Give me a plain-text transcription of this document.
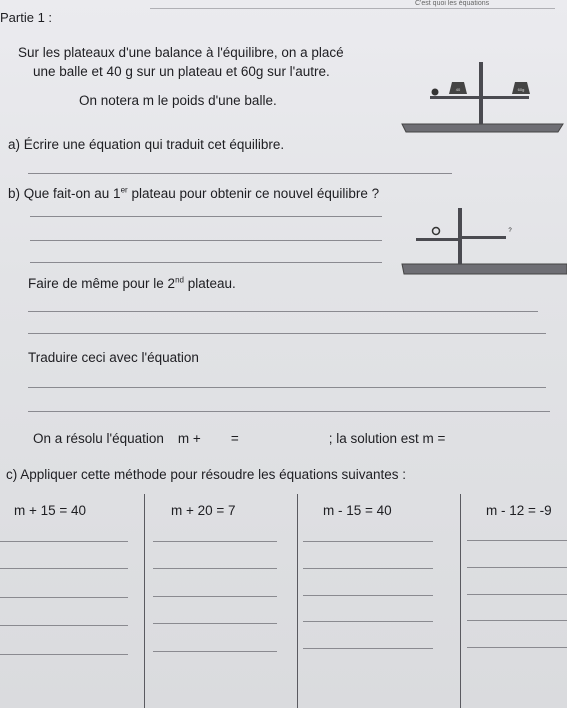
C'est quoi les équations
Partie 1 :
Sur les plateaux d'une balance à l'équilibre, on a placé
une balle et 40 g sur un plateau et 60g sur l'autre.
On notera m le poids d'une balle.
40	60g
a) Écrire une équation qui traduit cet équilibre.
b) Que fait-on au 1er plateau pour obtenir ce nouvel équilibre ?
?
Faire de même pour le 2nd plateau.
Traduire ceci avec l'équation
On a résolu l'équation m + =	; la solution est m =
c) Appliquer cette méthode pour résoudre les équations suivantes :
m + 15 = 40	m + 20 = 7	m - 15 = 40	m - 12 = -9
